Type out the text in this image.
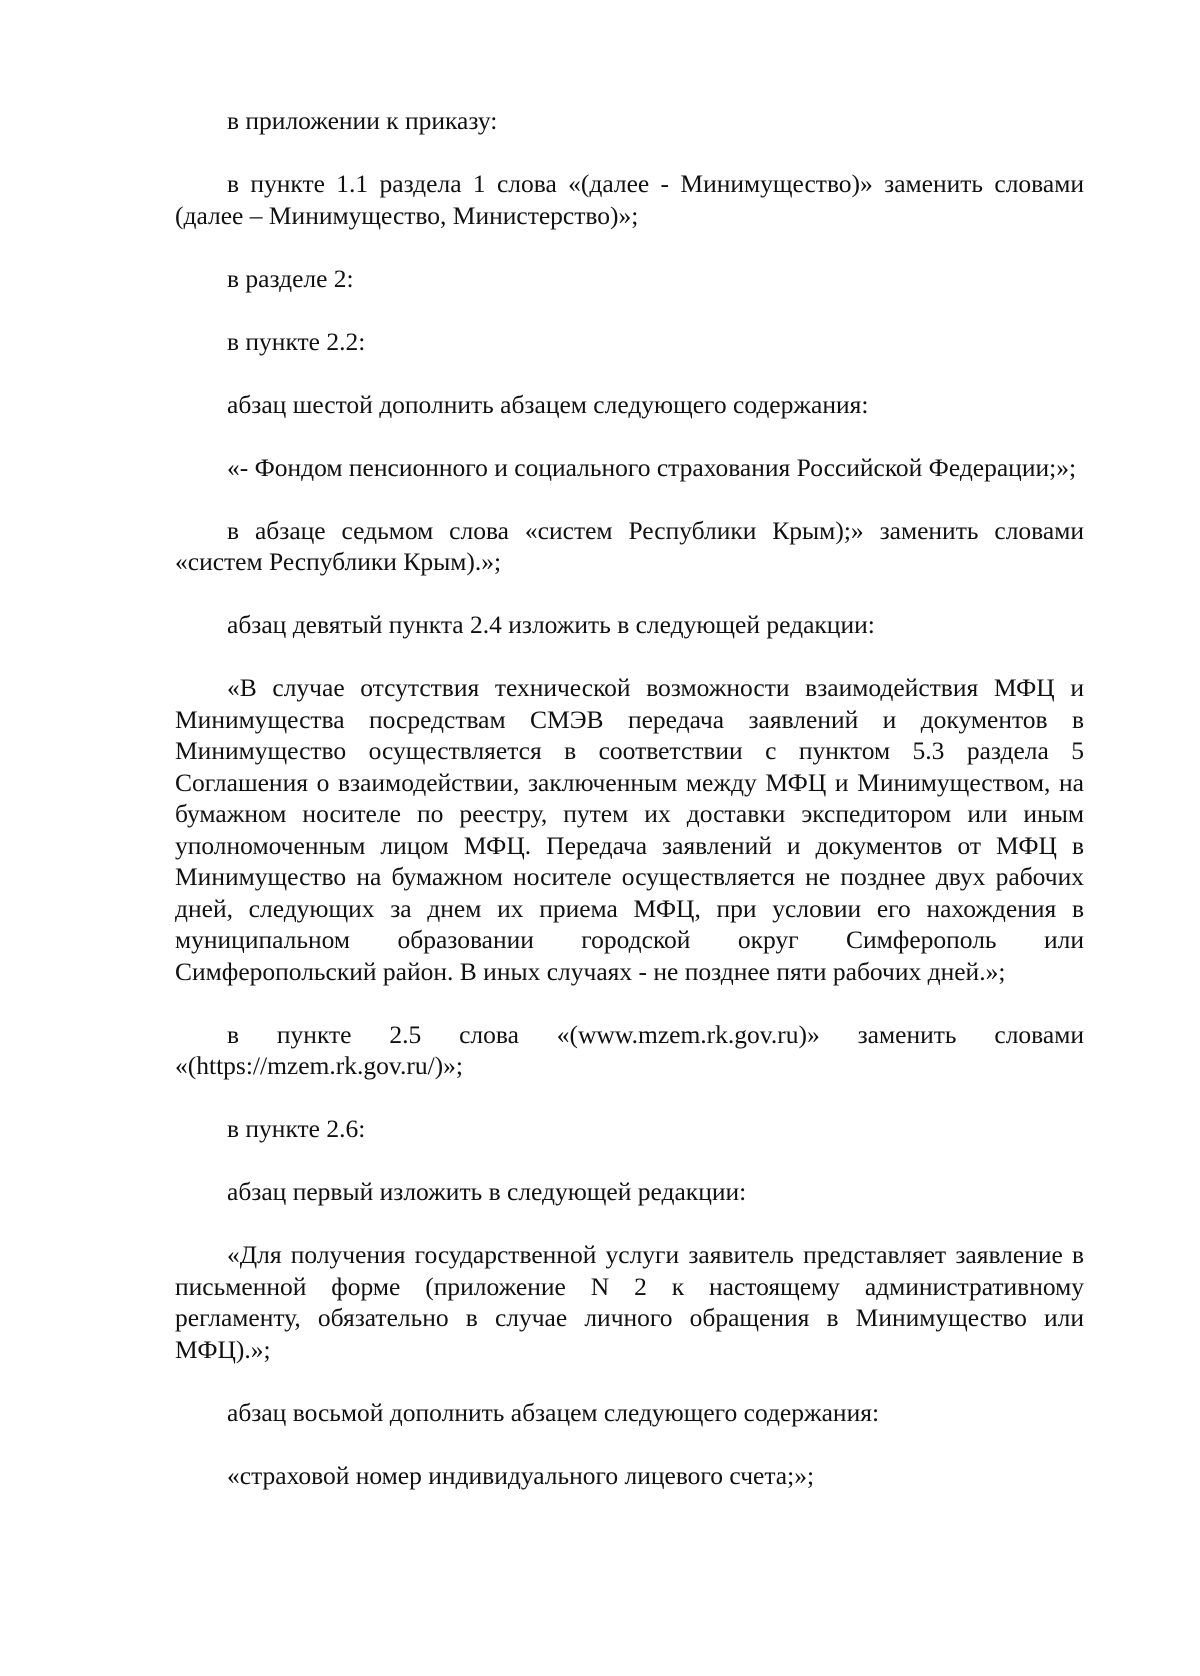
в приложении к приказу:

в пункте 1.1 раздела 1 слова «(далее - Минимущество)» заменить словами (далее – Минимущество, Министерство)»;

в разделе 2:

в пункте 2.2:

абзац шестой дополнить абзацем следующего содержания:

«- Фондом пенсионного и социального страхования Российской Федерации;»;

в абзаце седьмом слова «систем Республики Крым);» заменить словами «систем Республики Крым).»;

абзац девятый пункта 2.4 изложить в следующей редакции:

«В случае отсутствия технической возможности взаимодействия МФЦ и Минимущества посредствам СМЭВ передача заявлений и документов в Минимущество осуществляется в соответствии с пунктом 5.3 раздела 5 Соглашения о взаимодействии, заключенным между МФЦ и Минимуществом, на бумажном носителе по реестру, путем их доставки экспедитором или иным уполномоченным лицом МФЦ. Передача заявлений и документов от МФЦ в Минимущество на бумажном носителе осуществляется не позднее двух рабочих дней, следующих за днем их приема МФЦ, при условии его нахождения в муниципальном образовании городской округ Симферополь или Симферопольский район. В иных случаях - не позднее пяти рабочих дней.»;

в пункте 2.5 слова «(www.mzem.rk.gov.ru)» заменить словами «(https://mzem.rk.gov.ru/)»;

в пункте 2.6:

абзац первый изложить в следующей редакции:

«Для получения государственной услуги заявитель представляет заявление в письменной форме (приложение N 2 к настоящему административному регламенту, обязательно в случае личного обращения в Минимущество или МФЦ).»;

абзац восьмой дополнить абзацем следующего содержания:

«страховой номер индивидуального лицевого счета;»;
